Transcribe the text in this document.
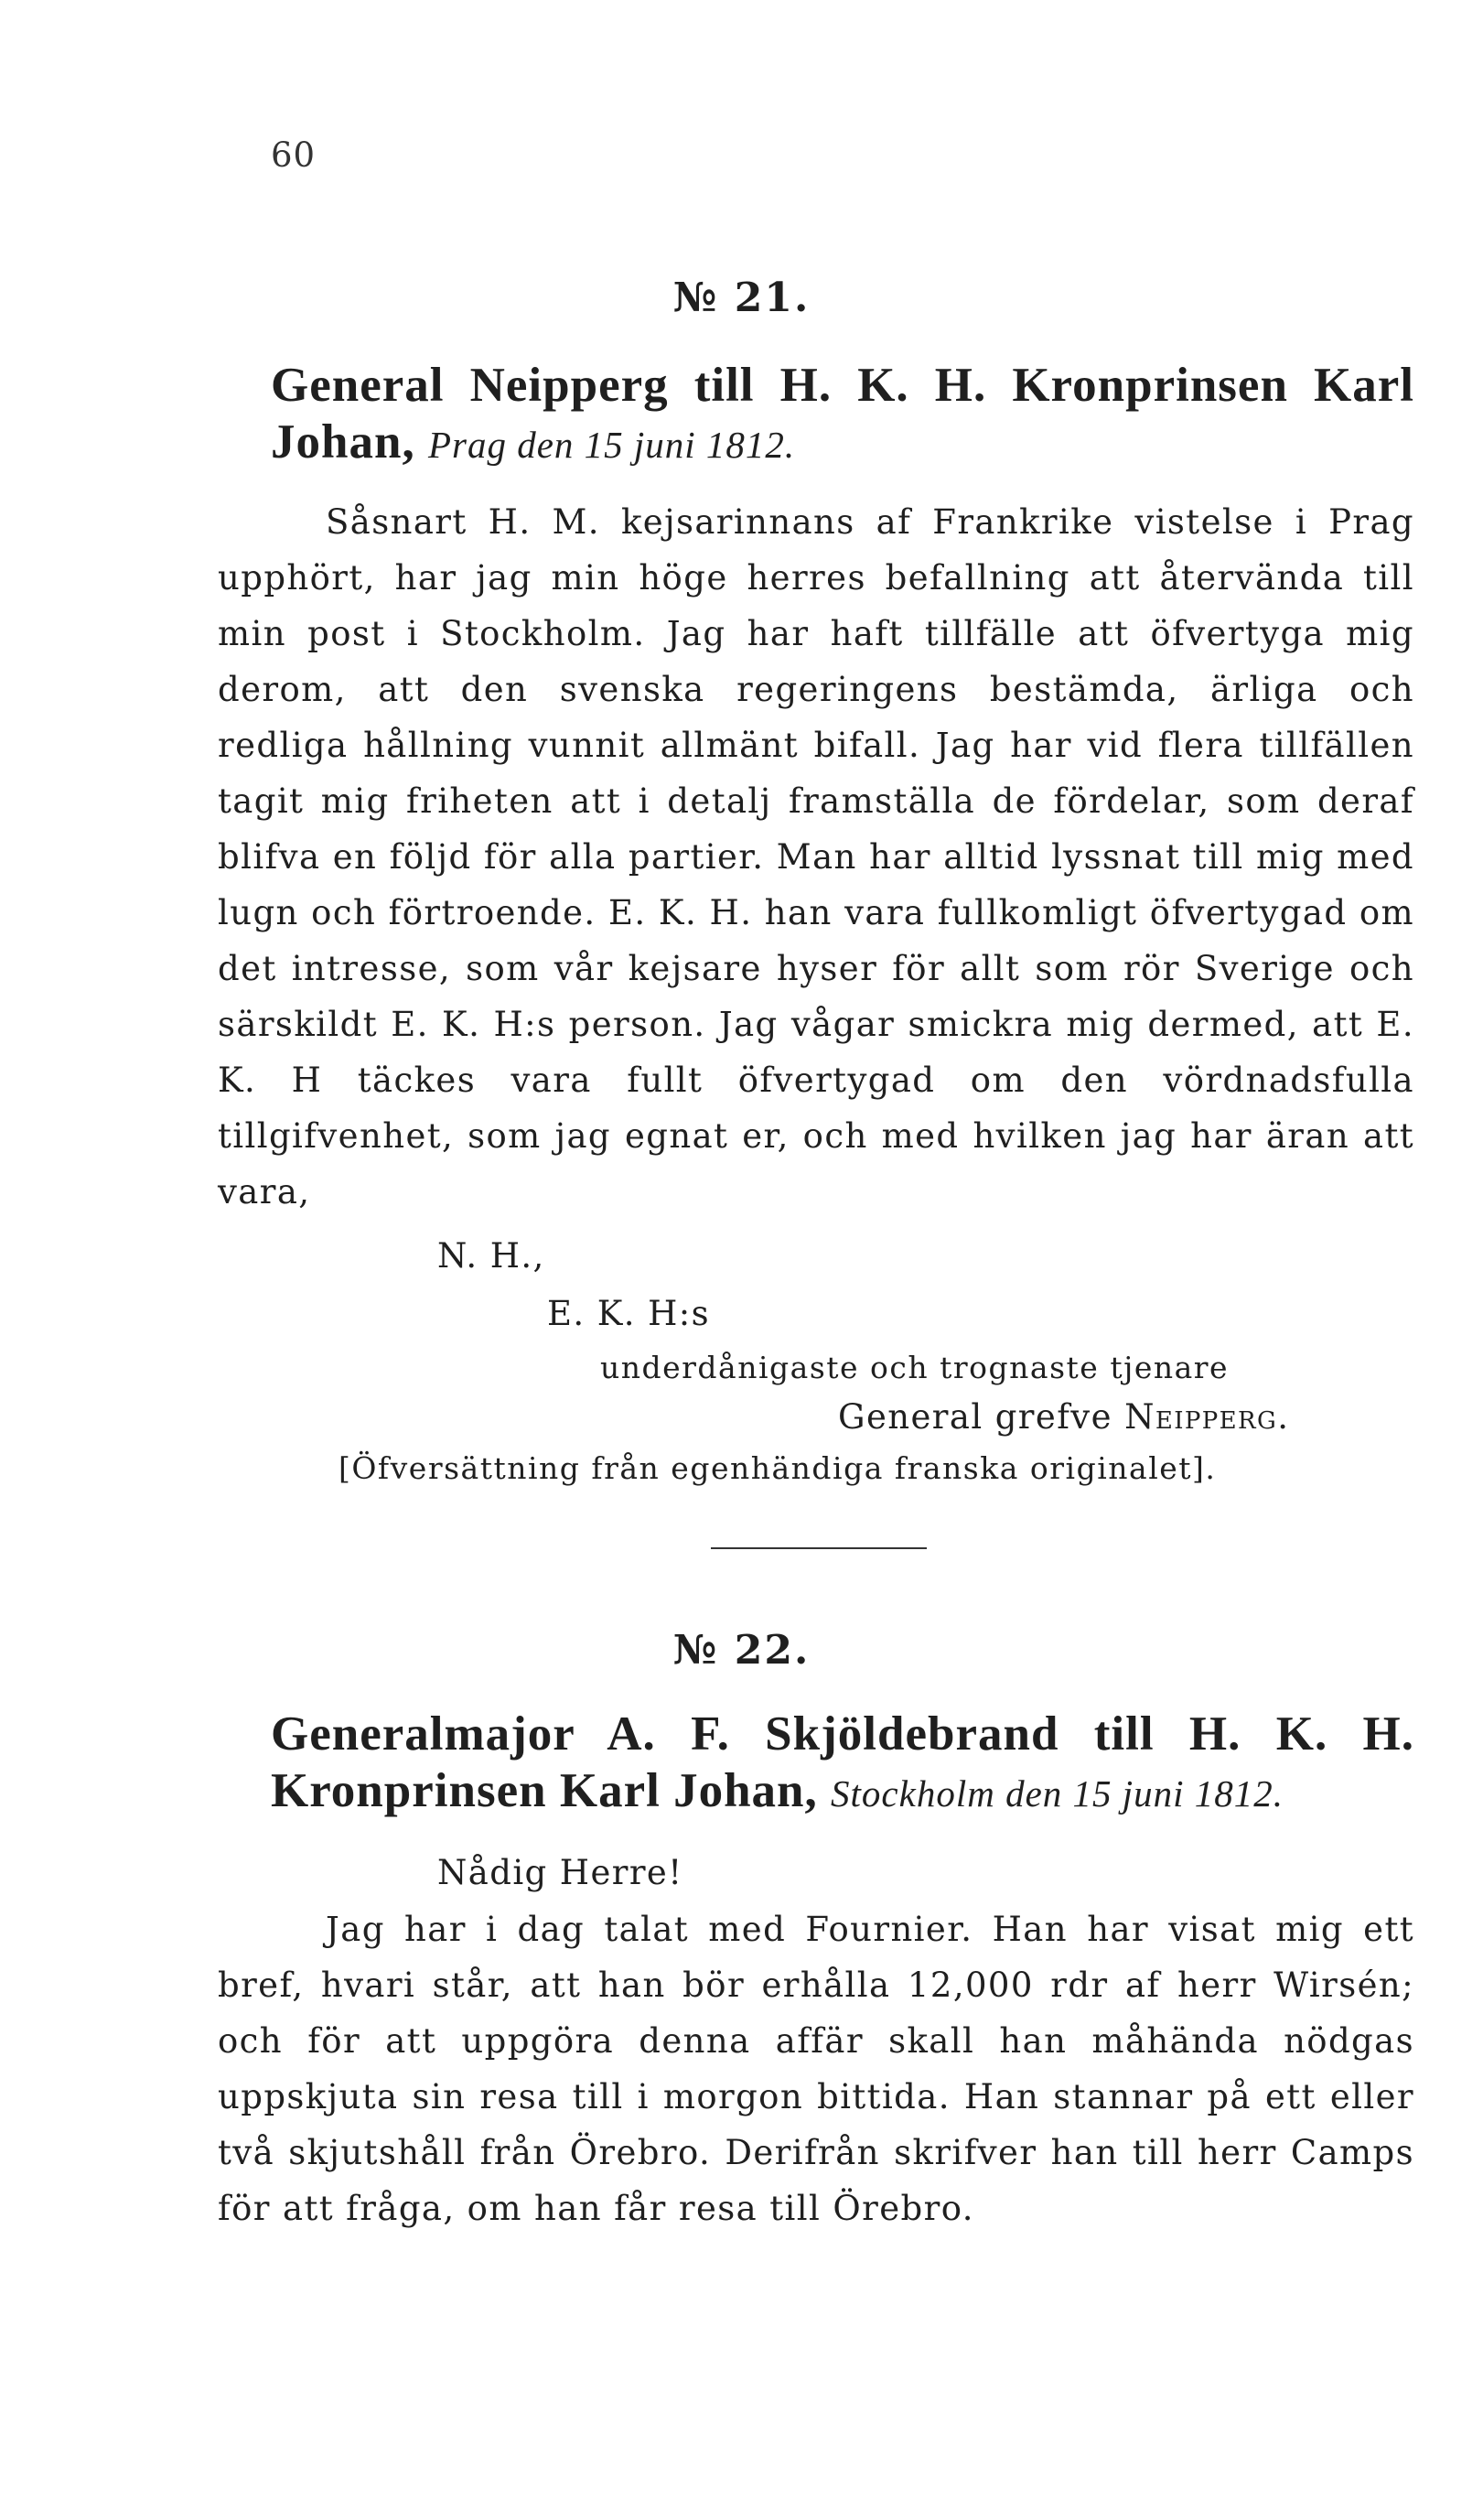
60
№ 21.
General Neipperg till H. K. H. Kronprinsen Karl Johan, Prag den 15 juni 1812.
Såsnart H. M. kejsarinnans af Frankrike vistelse i Prag upphört, har jag min höge herres befallning att återvända till min post i Stockholm. Jag har haft tillfälle att öfvertyga mig derom, att den svenska regeringens bestämda, ärliga och redliga hållning vunnit allmänt bifall. Jag har vid flera tillfällen tagit mig friheten att i detalj framställa de fördelar, som deraf blifva en följd för alla partier. Man har alltid lyssnat till mig med lugn och förtroende. E. K. H. han vara fullkomligt öfvertygad om det intresse, som vår kejsare hyser för allt som rör Sverige och särskildt E. K. H:s person. Jag vågar smickra mig dermed, att E. K. H täckes vara fullt öfvertygad om den vördnadsfulla tillgifvenhet, som jag egnat er, och med hvilken jag har äran att vara,
N. H.,
E. K. H:s
underdånigaste och trognaste tjenare
General grefve Neipperg.
[Öfversättning från egenhändiga franska originalet].
№ 22.
Generalmajor A. F. Skjöldebrand till H. K. H. Kronprinsen Karl Johan, Stockholm den 15 juni 1812.
Nådig Herre!
Jag har i dag talat med Fournier. Han har visat mig ett bref, hvari står, att han bör erhålla 12,000 rdr af herr Wirsén; och för att uppgöra denna affär skall han måhända nödgas uppskjuta sin resa till i morgon bittida. Han stannar på ett eller två skjutshåll från Örebro. Derifrån skrifver han till herr Camps för att fråga, om han får resa till Örebro.
